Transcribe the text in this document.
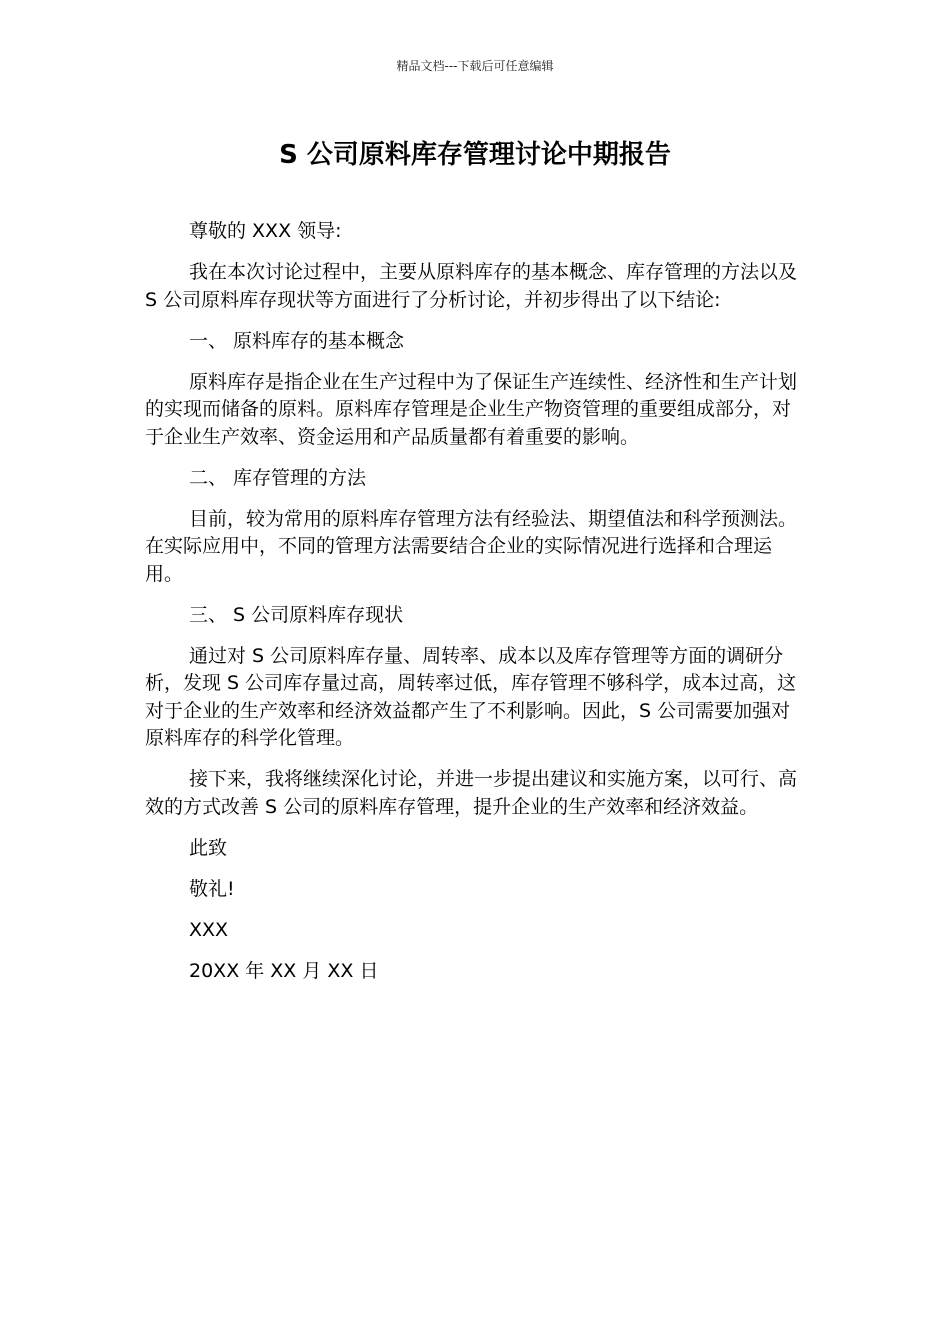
精品文档---下载后可任意编辑
S 公司原料库存管理讨论中期报告

尊敬的 XXX 领导:

我在本次讨论过程中，主要从原料库存的基本概念、库存管理的方法以及 S 公司原料库存现状等方面进行了分析讨论，并初步得出了以下结论:

一、 原料库存的基本概念

原料库存是指企业在生产过程中为了保证生产连续性、经济性和生产计划的实现而储备的原料。原料库存管理是企业生产物资管理的重要组成部分，对于企业生产效率、资金运用和产品质量都有着重要的影响。

二、 库存管理的方法

目前，较为常用的原料库存管理方法有经验法、期望值法和科学预测法。在实际应用中，不同的管理方法需要结合企业的实际情况进行选择和合理运用。

三、 S 公司原料库存现状

通过对 S 公司原料库存量、周转率、成本以及库存管理等方面的调研分析，发现 S 公司库存量过高，周转率过低，库存管理不够科学，成本过高，这对于企业的生产效率和经济效益都产生了不利影响。因此，S 公司需要加强对原料库存的科学化管理。

接下来，我将继续深化讨论，并进一步提出建议和实施方案，以可行、高效的方式改善 S 公司的原料库存管理，提升企业的生产效率和经济效益。

此致

敬礼!

XXX

20XX 年 XX 月 XX 日
